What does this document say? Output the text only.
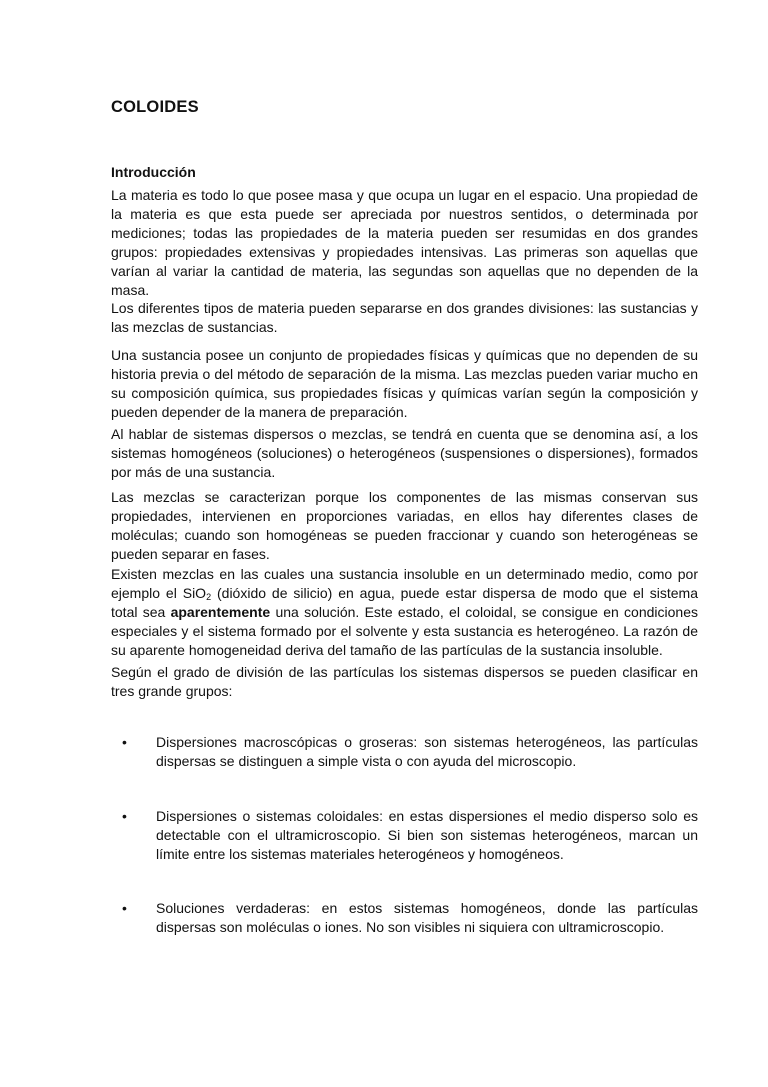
COLOIDES
Introducción

La materia es todo lo que posee masa y que ocupa un lugar en el espacio. Una propiedad de la materia es que esta puede ser apreciada por nuestros sentidos, o determinada por mediciones; todas las propiedades de la materia pueden ser resumidas en dos grandes grupos: propiedades extensivas y propiedades intensivas. Las primeras son aquellas que varían al variar la cantidad de materia, las segundas son aquellas que no dependen de la masa.

Los diferentes tipos de materia pueden separarse en dos grandes divisiones: las sustancias y las mezclas de sustancias.

Una sustancia posee un conjunto de propiedades físicas y químicas que no dependen de su historia previa o del método de separación de la misma. Las mezclas pueden variar mucho en su composición química, sus propiedades físicas y químicas varían según la composición y pueden depender de la manera de preparación.

Al hablar de sistemas dispersos o mezclas, se tendrá en cuenta que se denomina así, a los sistemas homogéneos (soluciones) o heterogéneos (suspensiones o dispersiones), formados por más de una sustancia.

Las mezclas se caracterizan porque los componentes de las mismas conservan sus propiedades, intervienen en proporciones variadas, en ellos hay diferentes clases de moléculas; cuando son homogéneas se pueden fraccionar y cuando son heterogéneas se pueden separar en fases.

Existen mezclas en las cuales una sustancia insoluble en un determinado medio, como por ejemplo el SiO$_2$ (dióxido de silicio) en agua, puede estar dispersa de modo que el sistema total sea aparentemente una solución. Este estado, el coloidal, se consigue en condiciones especiales y el sistema formado por el solvente y esta sustancia es heterogéneo. La razón de su aparente homogeneidad deriva del tamaño de las partículas de la sustancia insoluble.

Según el grado de división de las partículas los sistemas dispersos se pueden clasificar en tres grande grupos:

•	Dispersiones macroscópicas o groseras: son sistemas heterogéneos, las partículas dispersas se distinguen a simple vista o con ayuda del microscopio.
•	Dispersiones o sistemas coloidales: en estas dispersiones el medio disperso solo es detectable con el ultramicroscopio. Si bien son sistemas heterogéneos, marcan un límite entre los sistemas materiales heterogéneos y homogéneos.
•	Soluciones verdaderas: en estos sistemas homogéneos, donde las partículas dispersas son moléculas o iones. No son visibles ni siquiera con ultramicroscopio.
